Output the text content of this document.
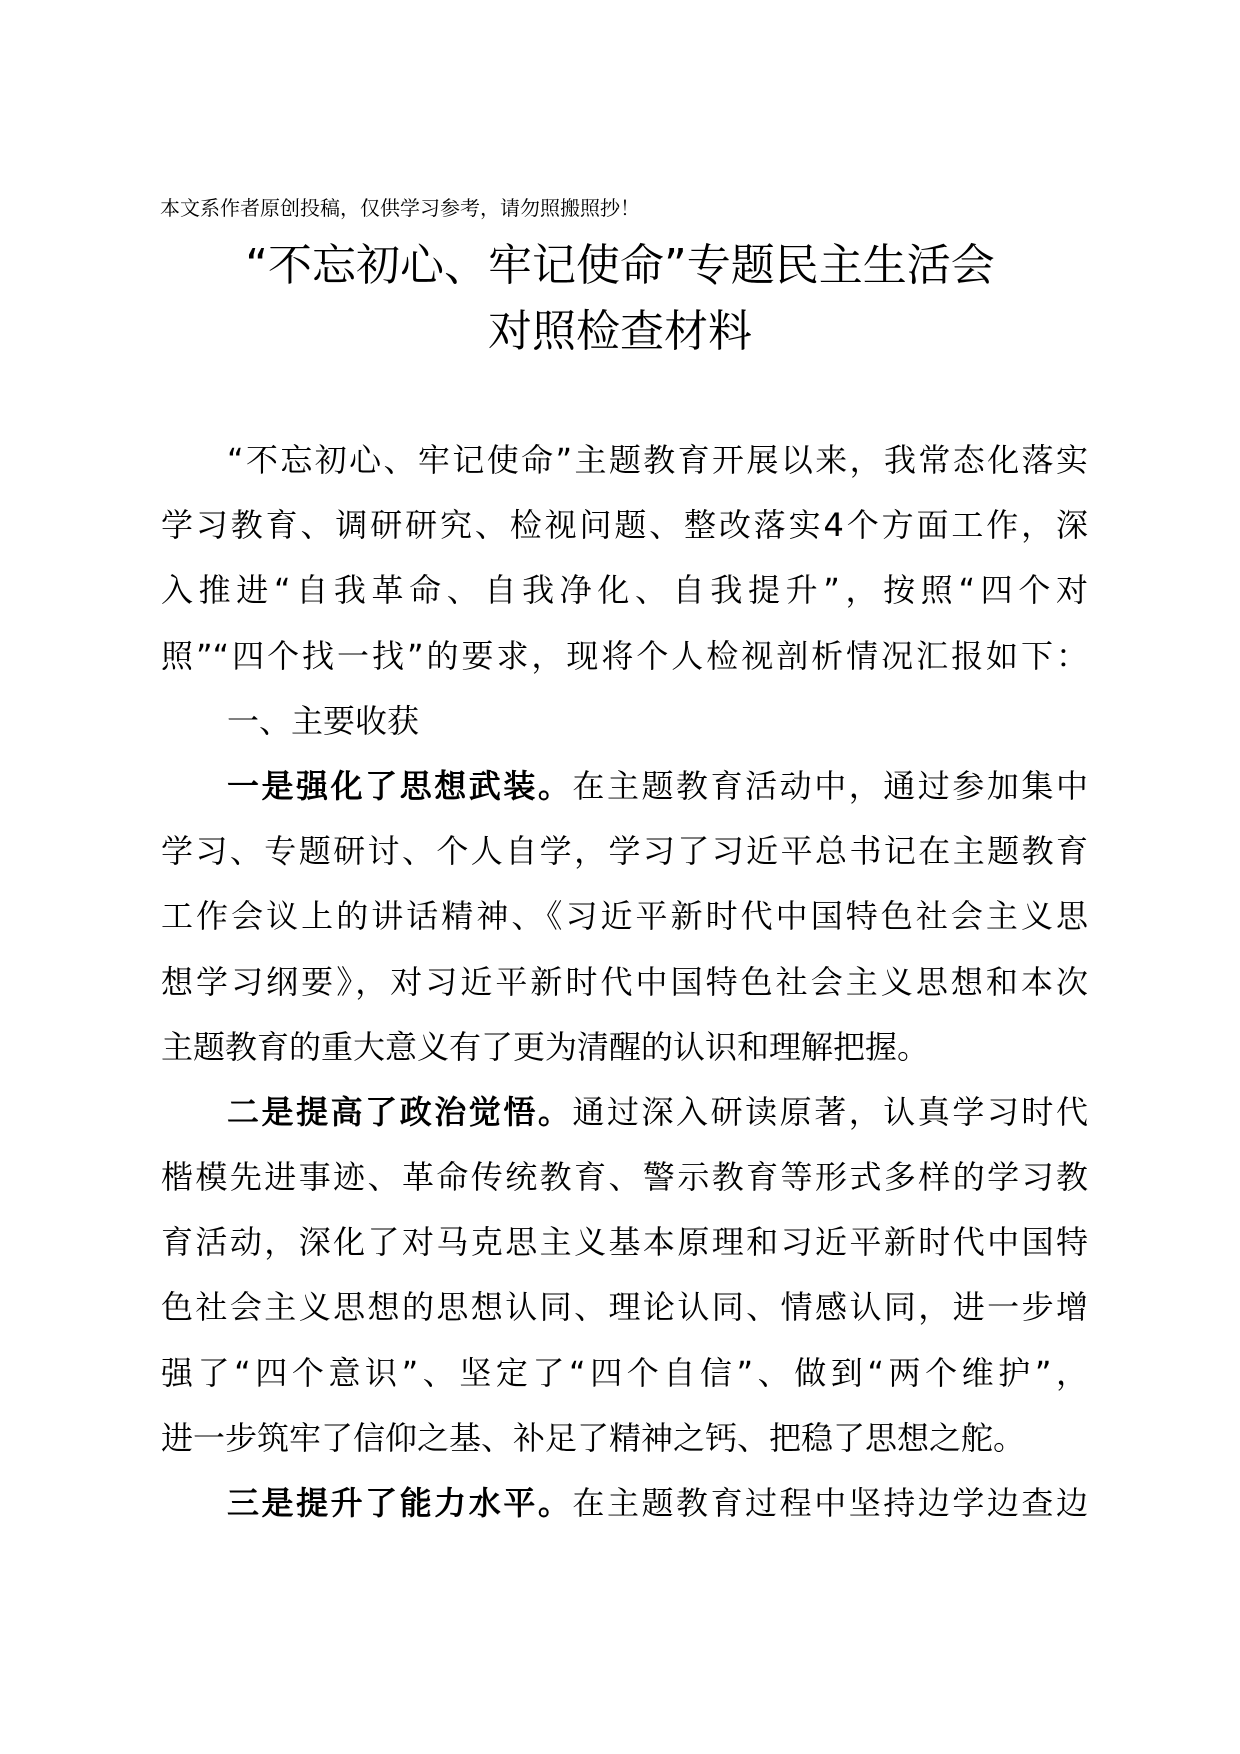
本文系作者原创投稿，仅供学习参考，请勿照搬照抄！
“不忘初心、牢记使命”专题民主生活会
对照检查材料
“不忘初心、牢记使命”主题教育开展以来，我常态化落实
学习教育、调研研究、检视问题、整改落实4个方面工作，深
入推进“自我革命、自我净化、自我提升”，按照“四个对
照”“四个找一找”的要求，现将个人检视剖析情况汇报如下：
一、主要收获
一是强化了思想武装。在主题教育活动中，通过参加集中
学习、专题研讨、个人自学，学习了习近平总书记在主题教育
工作会议上的讲话精神、《习近平新时代中国特色社会主义思
想学习纲要》，对习近平新时代中国特色社会主义思想和本次
主题教育的重大意义有了更为清醒的认识和理解把握。
二是提高了政治觉悟。通过深入研读原著，认真学习时代
楷模先进事迹、革命传统教育、警示教育等形式多样的学习教
育活动，深化了对马克思主义基本原理和习近平新时代中国特
色社会主义思想的思想认同、理论认同、情感认同，进一步增
强了“四个意识”、坚定了“四个自信”、做到“两个维护”，
进一步筑牢了信仰之基、补足了精神之钙、把稳了思想之舵。
三是提升了能力水平。在主题教育过程中坚持边学边查边
